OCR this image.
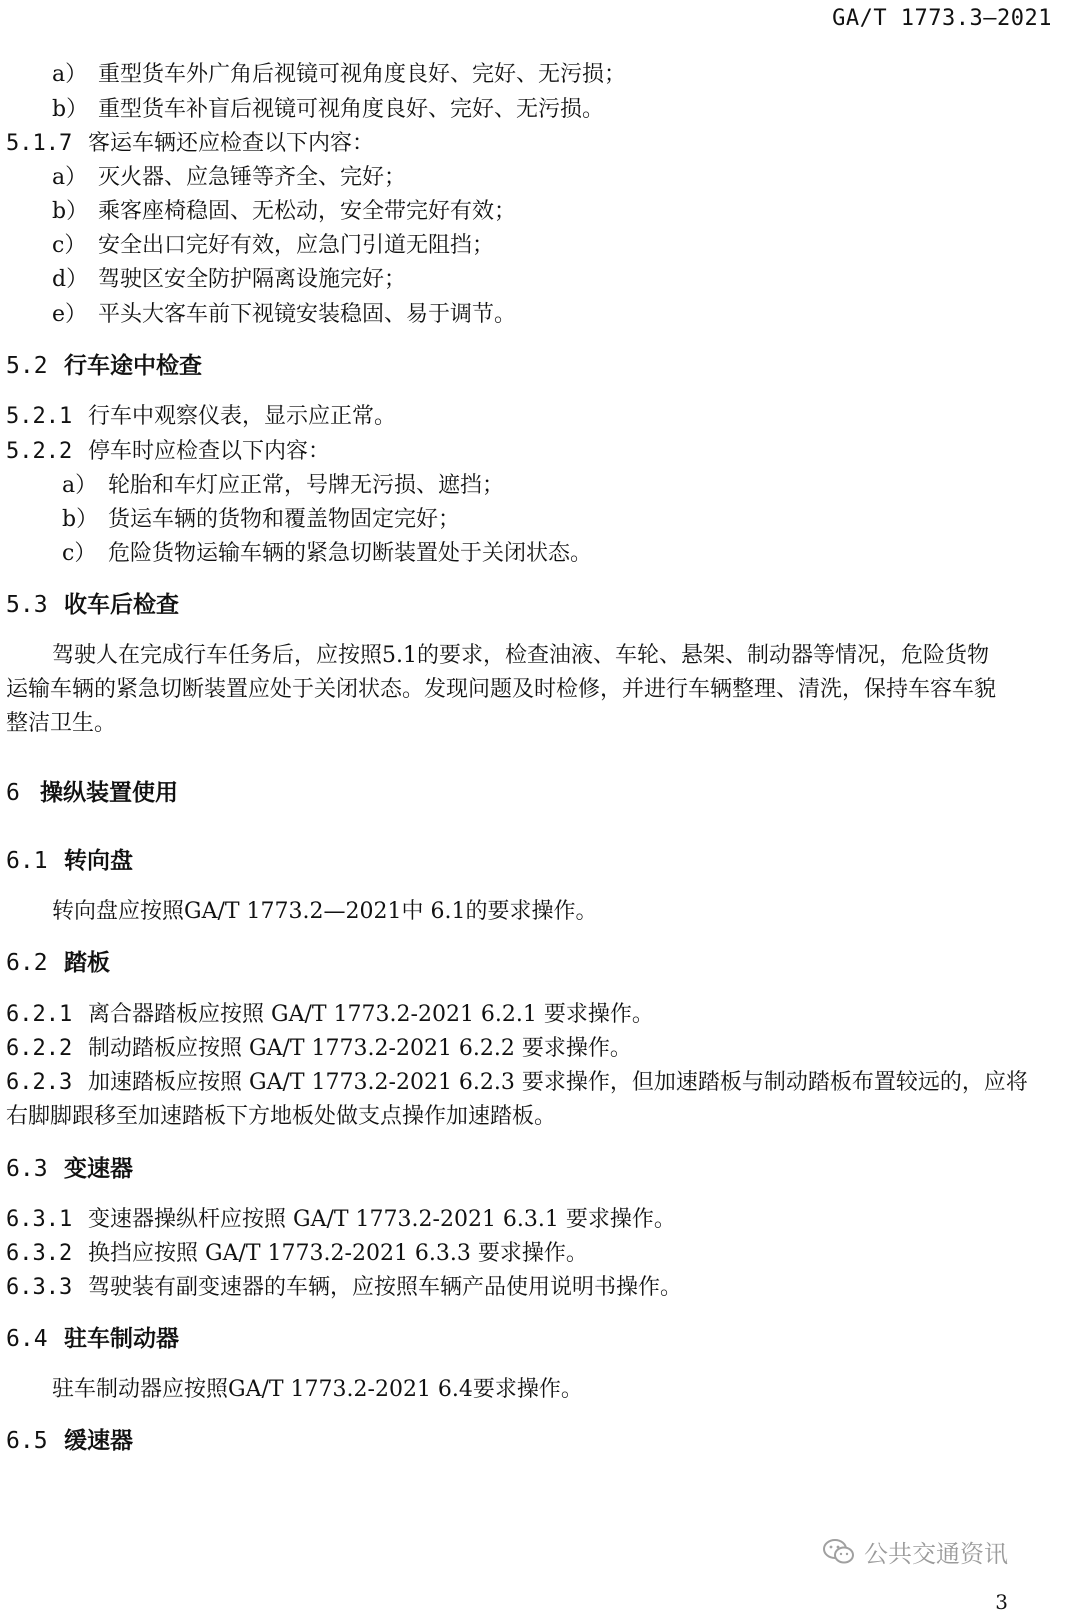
GA/T 1773.3—2021
a） 重型货车外广角后视镜可视角度良好、完好、无污损；
b） 重型货车补盲后视镜可视角度良好、完好、无污损。
5.1.7 客运车辆还应检查以下内容：
a） 灭火器、应急锤等齐全、完好；
b） 乘客座椅稳固、无松动，安全带完好有效；
c） 安全出口完好有效，应急门引道无阻挡；
d） 驾驶区安全防护隔离设施完好；
e） 平头大客车前下视镜安装稳固、易于调节。
5.2 行车途中检查
5.2.1 行车中观察仪表，显示应正常。
5.2.2 停车时应检查以下内容：
a） 轮胎和车灯应正常，号牌无污损、遮挡；
b） 货运车辆的货物和覆盖物固定完好；
c） 危险货物运输车辆的紧急切断装置处于关闭状态。
5.3 收车后检查
驾驶人在完成行车任务后，应按照5.1的要求，检查油液、车轮、悬架、制动器等情况，危险货物
运输车辆的紧急切断装置应处于关闭状态。发现问题及时检修，并进行车辆整理、清洗，保持车容车貌
整洁卫生。
6 操纵装置使用
6.1 转向盘
转向盘应按照GA/T 1773.2—2021中 6.1的要求操作。
6.2 踏板
6.2.1 离合器踏板应按照 GA/T 1773.2-2021 6.2.1 要求操作。
6.2.2 制动踏板应按照 GA/T 1773.2-2021 6.2.2 要求操作。
6.2.3 加速踏板应按照 GA/T 1773.2-2021 6.2.3 要求操作，但加速踏板与制动踏板布置较远的，应将
右脚脚跟移至加速踏板下方地板处做支点操作加速踏板。
6.3 变速器
6.3.1 变速器操纵杆应按照 GA/T 1773.2-2021 6.3.1 要求操作。
6.3.2 换挡应按照 GA/T 1773.2-2021 6.3.3 要求操作。
6.3.3 驾驶装有副变速器的车辆，应按照车辆产品使用说明书操作。
6.4 驻车制动器
驻车制动器应按照GA/T 1773.2-2021 6.4要求操作。
6.5 缓速器
公共交通资讯
3
